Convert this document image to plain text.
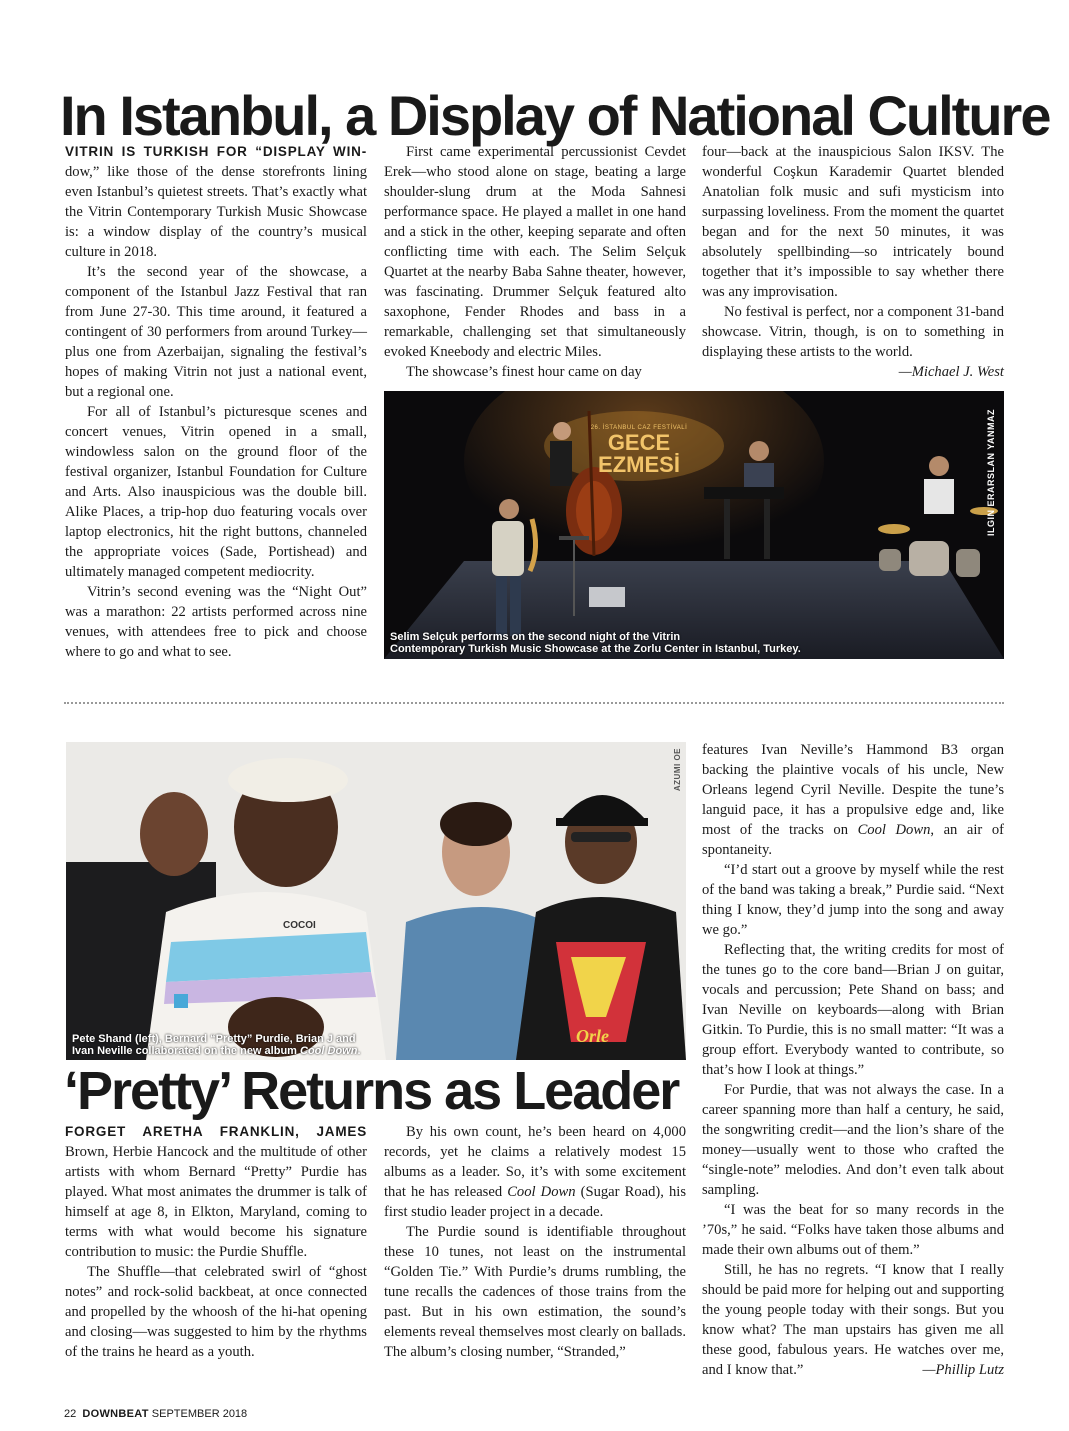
In Istanbul, a Display of National Culture

VITRIN IS TURKISH FOR “DISPLAY WIN- dow,” like those of the dense storefronts lining even Istanbul’s quietest streets. That’s exactly what the Vitrin Contemporary Turkish Music Showcase is: a window display of the country’s musical culture in 2018.

It’s the second year of the showcase, a component of the Istanbul Jazz Festival that ran from June 27-30. This time around, it featured a contingent of 30 performers from around Turkey—plus one from Azerbaijan, signaling the festival’s hopes of making Vitrin not just a national event, but a regional one.

For all of Istanbul’s picturesque scenes and concert venues, Vitrin opened in a small, windowless salon on the ground floor of the festival organizer, Istanbul Foundation for Culture and Arts. Also inauspicious was the double bill. Alike Places, a trip-hop duo featuring vocals over laptop electronics, hit the right buttons, channeled the appropriate voices (Sade, Portishead) and ultimately managed competent mediocrity.

Vitrin’s second evening was the “Night Out” was a marathon: 22 artists performed across nine venues, with attendees free to pick and choose where to go and what to see.

First came experimental percussionist Cevdet Erek—who stood alone on stage, beating a large shoulder-slung drum at the Moda Sahnesi performance space. He played a mallet in one hand and a stick in the other, keeping separate and often conflicting time with each. The Selim Selçuk Quartet at the nearby Baba Sahne theater, however, was fascinating. Drummer Selçuk featured alto saxophone, Fender Rhodes and bass in a remarkable, challenging set that simultaneously evoked Kneebody and electric Miles.

The showcase’s finest hour came on day

four—back at the inauspicious Salon IKSV. The wonderful Coşkun Karademir Quartet blended Anatolian folk music and sufi mysticism into surpassing loveliness. From the moment the quartet began and for the next 50 minutes, it was absolutely spellbinding—so intricately bound together that it’s impossible to say whether there was any improvisation.

No festival is perfect, nor a component 31-band showcase. Vitrin, though, is on to something in displaying these artists to the world.

—Michael J. West
26. İSTANBUL CAZ FESTİVALİ
GECE
EZMESİ	ILGIN ERARSLAN YANMAZ
Selim Selçuk performs on the second night of the Vitrin
Contemporary Turkish Music Showcase at the Zorlu Center in Istanbul, Turkey.
COCOI
Orle
AZUMI OE
Pete Shand (left), Bernard “Pretty” Purdie, Brian J and
Ivan Neville collaborated on the new album Cool Down.
‘Pretty’ Returns as Leader

FORGET ARETHA FRANKLIN, JAMES Brown, Herbie Hancock and the multitude of other artists with whom Bernard “Pretty” Purdie has played. What most animates the drummer is talk of himself at age 8, in Elkton, Maryland, coming to terms with what would become his signature contribution to music: the Purdie Shuffle.

The Shuffle—that celebrated swirl of “ghost notes” and rock-solid backbeat, at once connected and propelled by the whoosh of the hi-hat opening and closing—was suggested to him by the rhythms of the trains he heard as a youth.

By his own count, he’s been heard on 4,000 records, yet he claims a relatively modest 15 albums as a leader. So, it’s with some excitement that he has released Cool Down (Sugar Road), his first studio leader project in a decade.

The Purdie sound is identifiable throughout these 10 tunes, not least on the instrumental “Golden Tie.” With Purdie’s drums rumbling, the tune recalls the cadences of those trains from the past. But in his own estimation, the sound’s elements reveal themselves most clearly on ballads. The album’s closing number, “Stranded,”

features Ivan Neville’s Hammond B3 organ backing the plaintive vocals of his uncle, New Orleans legend Cyril Neville. Despite the tune’s languid pace, it has a propulsive edge and, like most of the tracks on Cool Down, an air of spontaneity.

“I’d start out a groove by myself while the rest of the band was taking a break,” Purdie said. “Next thing I know, they’d jump into the song and away we go.”

Reflecting that, the writing credits for most of the tunes go to the core band—Brian J on guitar, vocals and percussion; Pete Shand on bass; and Ivan Neville on keyboards—along with Brian Gitkin. To Purdie, this is no small matter: “It was a group effort. Everybody wanted to contribute, so that’s how I look at things.”

For Purdie, that was not always the case. In a career spanning more than half a century, he said, the songwriting credit—and the lion’s share of the money—usually went to those who crafted the “single-note” melodies. And don’t even talk about sampling.

“I was the beat for so many records in the ’70s,” he said. “Folks have taken those albums and made their own albums out of them.”

Still, he has no regrets. “I know that I really should be paid more for helping out and supporting the young people today with their songs. But you know what? The man upstairs has given me all these good, fabulous years. He watches over me, and I know that.”	—Phillip Lutz
22 DOWNBEAT SEPTEMBER 2018
